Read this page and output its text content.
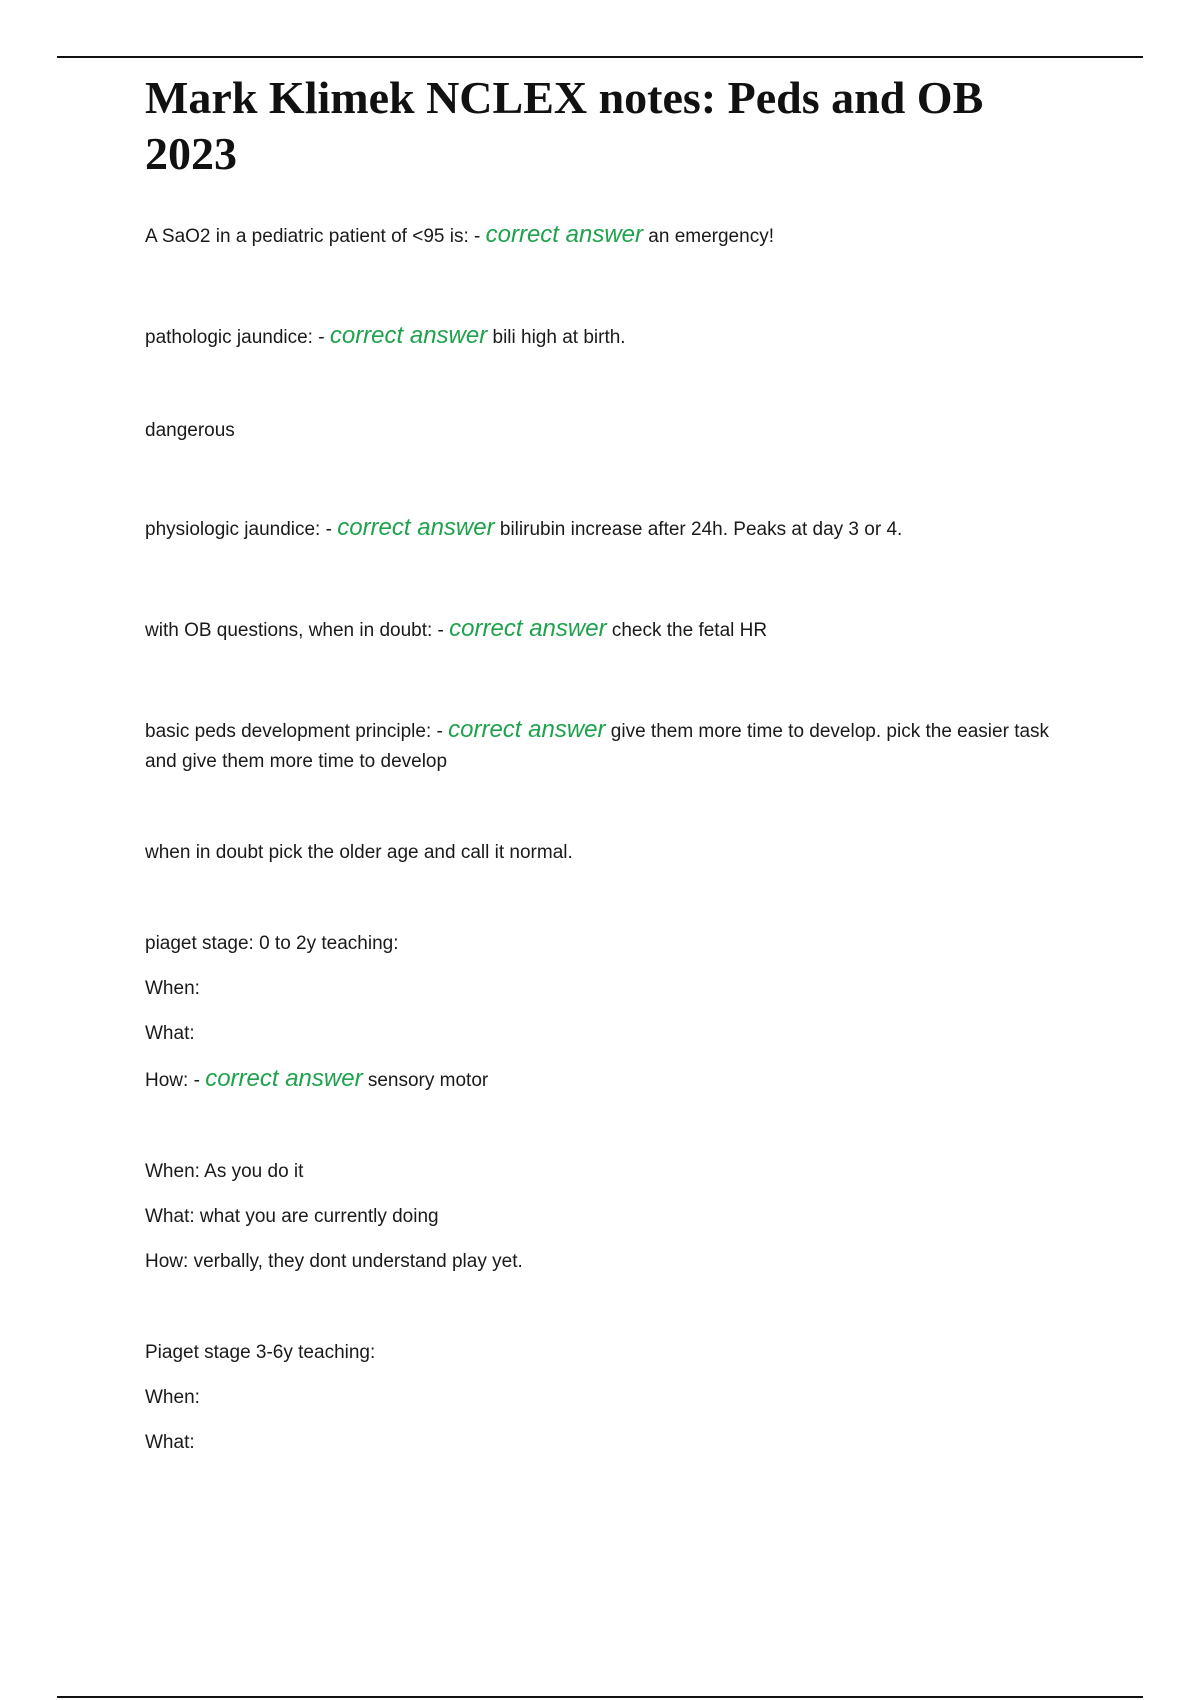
Mark Klimek NCLEX notes: Peds and OB 2023
A SaO2 in a pediatric patient of <95 is: - correct answer an emergency!
pathologic jaundice: - correct answer bili high at birth.
dangerous
physiologic jaundice: - correct answer bilirubin increase after 24h. Peaks at day 3 or 4.
with OB questions, when in doubt: - correct answer check the fetal HR
basic peds development principle: - correct answer give them more time to develop. pick the easier task and give them more time to develop
when in doubt pick the older age and call it normal.
piaget stage: 0 to 2y teaching:
When:
What:
How: - correct answer sensory motor
When: As you do it
What: what you are currently doing
How: verbally, they dont understand play yet.
Piaget stage 3-6y teaching:
When:
What:
